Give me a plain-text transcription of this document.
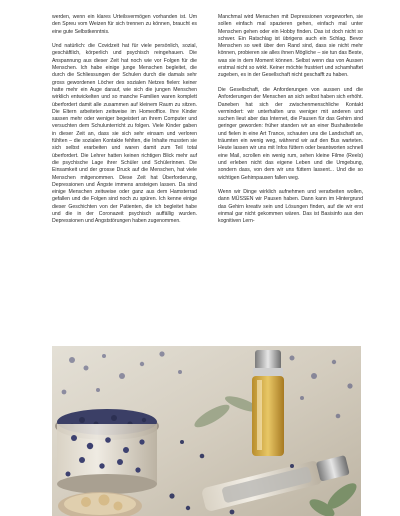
werden, wenn ein klares Urteilsvermögen vorhanden ist. Um den Spreu vom Weizen für sich trennen zu können, braucht es eine gute Selbstkenntnis.

Und natürlich: die Covidzeit hat für viele persönlich, sozial, geschäftlich, körperlich und psychisch reingehauen. Die Anspannung aus dieser Zeit hat noch wie vor Folgen für die Menschen. Ich habe einige junge Menschen begleitet, die durch die Schliessungen der Schulen durch die damals sehr gross gewordenen Löcher des sozialen Netzes fielen: keiner hatte mehr ein Auge darauf, wie sich die jungen Menschen wirklich entwickelten und so manche Familien waren komplett überfordert damit alle zusammen auf kleinem Raum zu sitzen. Die Eltern arbeiteten zeitweise im Homeoffice. Ihre Kinder sassen mehr oder weniger begeistert an ihrem Computer und versuchten dem Schulunterricht zu folgen. Viele Kinder gaben in dieser Zeit an, dass sie sich sehr einsam und verloren fühlten – die sozialen Kontakte fehlten, die Inhalte mussten sie sich selbst erarbeiten und waren damit zum Teil total überfordert. Die Lehrer hatten keinen richtigen Blick mehr auf die psychische Lage ihrer Schüler und Schülerinnen. Die Einsamkeit und der grosse Druck auf die Menschen, hat viele Menschen mitgenommen. Diese Zeit hat Überforderung, Depressionen und Ängste immens ansteigen lassen. Da sind einige Menschen zeitweise oder ganz aus dem Hamsterrad gefallen und die Folgen sind noch zu spüren. Ich kenne einige dieser Geschichten von der Patienten, die ich begleitet habe und die in der Coronazeit psychisch auffällig wurden. Depressionen und Angststörungen haben zugenommen.

Manchmal wird Menschen mit Depressionen vorgeworfen, sie sollen einfach mal spazieren gehen, einfach mal unter Menschen gehen oder ein Hobby finden. Das ist doch nicht so schwer. Ein Ratschlag ist übrigens auch ein Schlag. Bevor Menschen so weit über den Rand sind, dass sie nicht mehr können, probieren sie alles ihnen Mögliche – sie tun das Beste, was sie in dem Moment können. Selbst wenn das von Aussen erstmal nicht so wirkt. Keiner möchte frustriert und schamhaftet zugeben, es in der Gesellschaft nicht geschafft zu haben.

Die Gesellschaft, die Anforderungen von aussen und die Anforderungen der Menschen an sich selbst haben sich erhöht. Daneben hat sich der zwischenmenschliche Kontakt vermindert: wir unterhalten uns weniger mit anderen und suchen lieut aber das Internet, die Pausen für das Gehirn sind geringer geworden: früher standen wir an einer Bushaltestelle und fielen in eine Art Trance, schauten uns die Landschaft an, träumten ein wenig weg, während wir auf den Bus warteten. Heute lassen wir uns mit Infos füttern oder beantworten schnell eine Mail, scrollen ein wenig rum, sehen kleine Filme (Reels) und erleben nicht das eigene Leben und die Umgebung, sondern dass, von dem wir uns füttern lassent... Und die so wichtigen Gehirnpausen fallen weg.

Wenn wir Dinge wirklich aufnehmen und verarbeiten wollen, dann MÜSSEN wir Pausen haben. Dann kann im Hintergrund das Gehirn kreativ sein und Lösungen finden, auf die wir erst einmal gar nicht gekommen wären. Das ist Basisinfo aus den kognitiven Lern-
